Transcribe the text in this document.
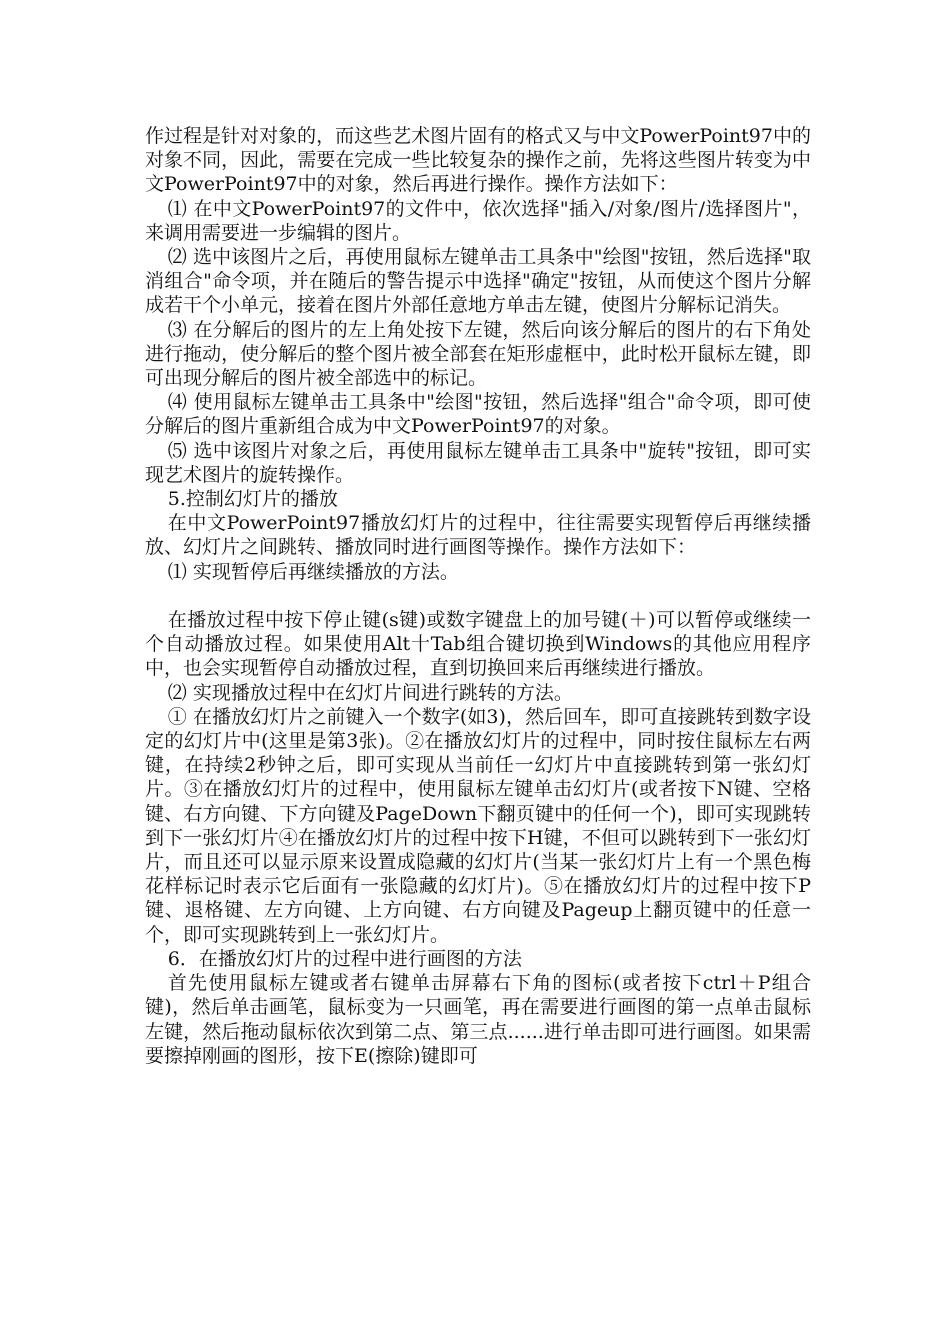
作过程是针对对象的，而这些艺术图片固有的格式又与中文PowerPoint97中的对象不同，因此，需要在完成一些比较复杂的操作之前，先将这些图片转变为中文PowerPoint97中的对象，然后再进行操作。操作方法如下：

⑴ 在中文PowerPoint97的文件中，依次选择"插入/对象/图片/选择图片"，来调用需要进一步编辑的图片。

⑵ 选中该图片之后，再使用鼠标左键单击工具条中"绘图"按钮，然后选择"取消组合"命令项，并在随后的警告提示中选择"确定"按钮，从而使这个图片分解成若干个小单元，接着在图片外部任意地方单击左键，使图片分解标记消失。

⑶ 在分解后的图片的左上角处按下左键，然后向该分解后的图片的右下角处进行拖动，使分解后的整个图片被全部套在矩形虚框中，此时松开鼠标左键，即可出现分解后的图片被全部选中的标记。

⑷ 使用鼠标左键单击工具条中"绘图"按钮，然后选择"组合"命令项，即可使分解后的图片重新组合成为中文PowerPoint97的对象。

⑸ 选中该图片对象之后，再使用鼠标左键单击工具条中"旋转"按钮，即可实现艺术图片的旋转操作。

5.控制幻灯片的播放

在中文PowerPoint97播放幻灯片的过程中，往往需要实现暂停后再继续播放、幻灯片之间跳转、播放同时进行画图等操作。操作方法如下：

⑴ 实现暂停后再继续播放的方法。

在播放过程中按下停止键(s键)或数字键盘上的加号键(＋)可以暂停或继续一个自动播放过程。如果使用Alt十Tab组合键切换到Windows的其他应用程序中，也会实现暂停自动播放过程，直到切换回来后再继续进行播放。

⑵ 实现播放过程中在幻灯片间进行跳转的方法。

① 在播放幻灯片之前键入一个数字(如3)，然后回车，即可直接跳转到数字设定的幻灯片中(这里是第3张)。②在播放幻灯片的过程中，同时按住鼠标左右两键，在持续2秒钟之后，即可实现从当前任一幻灯片中直接跳转到第一张幻灯片。③在播放幻灯片的过程中，使用鼠标左键单击幻灯片(或者按下N键、空格键、右方向键、下方向键及PageDown下翻页键中的任何一个)，即可实现跳转到下一张幻灯片④在播放幻灯片的过程中按下H键，不但可以跳转到下一张幻灯片，而且还可以显示原来设置成隐藏的幻灯片(当某一张幻灯片上有一个黑色梅花样标记时表示它后面有一张隐藏的幻灯片)。⑤在播放幻灯片的过程中按下P键、退格键、左方向键、上方向键、右方向键及Pageup上翻页键中的任意一个，即可实现跳转到上一张幻灯片。

6．在播放幻灯片的过程中进行画图的方法

首先使用鼠标左键或者右键单击屏幕右下角的图标(或者按下ctrl＋P组合键)，然后单击画笔，鼠标变为一只画笔，再在需要进行画图的第一点单击鼠标左键，然后拖动鼠标依次到第二点、第三点......进行单击即可进行画图。如果需要擦掉刚画的图形，按下E(擦除)键即可
